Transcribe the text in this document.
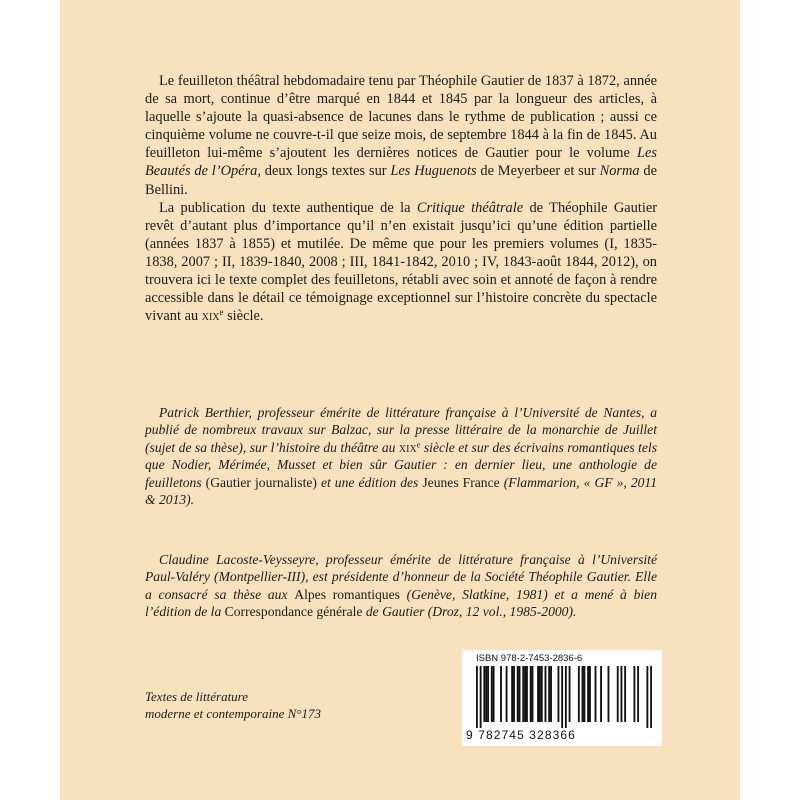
Le feuilleton théâtral hebdomadaire tenu par Théophile Gautier de 1837 à 1872, année de sa mort, continue d’être marqué en 1844 et 1845 par la longueur des articles, à laquelle s’ajoute la quasi-absence de lacunes dans le rythme de publication ; aussi ce cinquième volume ne couvre-t-il que seize mois, de septembre 1844 à la fin de 1845. Au feuilleton lui-même s’ajoutent les dernières notices de Gautier pour le volume Les Beautés de l’Opéra, deux longs textes sur Les Huguenots de Meyerbeer et sur Norma de Bellini.

La publication du texte authentique de la Critique théâtrale de Théophile Gautier revêt d’autant plus d’importance qu’il n’en existait jusqu’ici qu’une édition partielle (années 1837 à 1855) et mutilée. De même que pour les premiers volumes (I, 1835-1838, 2007 ; II, 1839-1840, 2008 ; III, 1841-1842, 2010 ; IV, 1843-août 1844, 2012), on trouvera ici le texte complet des feuilletons, rétabli avec soin et annoté de façon à rendre accessible dans le détail ce témoignage exceptionnel sur l’histoire concrète du spectacle vivant au xix$^e$ siècle.

Patrick Berthier, professeur émérite de littérature française à l’Université de Nantes, a publié de nombreux travaux sur Balzac, sur la presse littéraire de la monarchie de Juillet (sujet de sa thèse), sur l’histoire du théâtre au xix$^e$ siècle et sur des écrivains romantiques tels que Nodier, Mérimée, Musset et bien sûr Gautier : en dernier lieu, une anthologie de feuilletons (Gautier journaliste) et une édition des Jeunes France (Flammarion, « GF », 2011 & 2013).

Claudine Lacoste-Veysseyre, professeur émérite de littérature française à l’Université Paul-Valéry (Montpellier-III), est présidente d’honneur de la Société Théophile Gautier. Elle a consacré sa thèse aux Alpes romantiques (Genève, Slatkine, 1981) et a mené à bien l’édition de la Correspondance générale de Gautier (Droz, 12 vol., 1985-2000).

Textes de littérature
moderne et contemporaine N°173
ISBN 978-2-7453-2836-6
9 782745 328366
